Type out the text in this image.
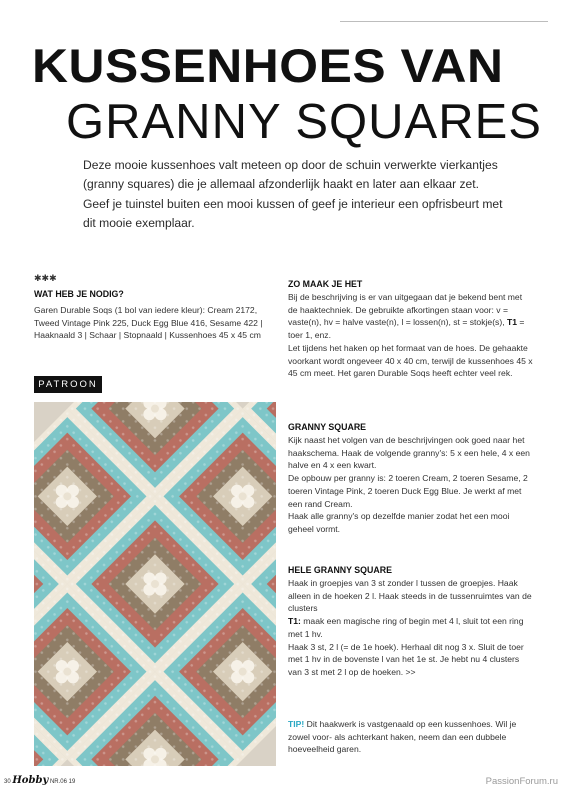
KUSSENHOES VAN
GRANNY SQUARES
Deze mooie kussenhoes valt meteen op door de schuin verwerkte vierkantjes (granny squares) die je allemaal afzonderlijk haakt en later aan elkaar zet. Geef je tuinstel buiten een mooi kussen of geef je interieur een opfrisbeurt met dit mooie exemplaar.
✱✱✱
WAT HEB JE NODIG?
Garen Durable Soqs (1 bol van iedere kleur): Cream 2172, Tweed Vintage Pink 225, Duck Egg Blue 416, Sesame 422 | Haaknaald 3 | Schaar | Stopnaald | Kussenhoes 45 x 45 cm
PATROON
ZO MAAK JE HET

Bij de beschrijving is er van uitgegaan dat je bekend bent met de haaktechniek. De gebruikte afkortingen staan voor: v = vaste(n), hv = halve vaste(n), l = lossen(n), st = stokje(s), T1 = toer 1, enz.

Let tijdens het haken op het formaat van de hoes. De gehaakte voorkant wordt ongeveer 40 x 40 cm, terwijl de kussenhoes 45 x 45 cm meet. Het garen Durable Soqs heeft echter veel rek.

GRANNY SQUARE

Kijk naast het volgen van de beschrijvingen ook goed naar het haakschema. Haak de volgende granny's: 5 x een hele, 4 x een halve en 4 x een kwart.

De opbouw per granny is: 2 toeren Cream, 2 toeren Sesame, 2 toeren Vintage Pink, 2 toeren Duck Egg Blue. Je werkt af met een rand Cream.

Haak alle granny's op dezelfde manier zodat het een mooi geheel vormt.

HELE GRANNY SQUARE

Haak in groepjes van 3 st zonder l tussen de groepjes. Haak alleen in de hoeken 2 l. Haak steeds in de tussenruimtes van de clusters

T1: maak een magische ring of begin met 4 l, sluit tot een ring met 1 hv.

Haak 3 st, 2 l (= de 1e hoek). Herhaal dit nog 3 x. Sluit de toer met 1 hv in de bovenste l van het 1e st. Je hebt nu 4 clusters van 3 st met 2 l op de hoeken. >>

TIP! Dit haakwerk is vastgenaald op een kussenhoes. Wil je zowel voor- als achterkant haken, neem dan een dubbele hoeveelheid garen.
30 Hobby NR.06 19	PassionForum.ru
